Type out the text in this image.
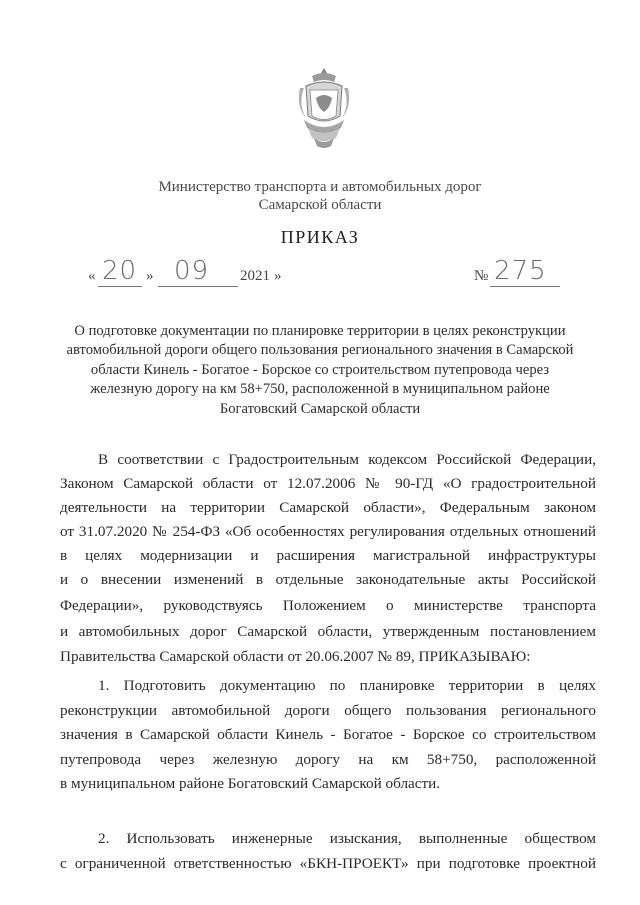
Министерство транспорта и автомобильных дорог
Самарской области
ПРИКАЗ
« 20 » 09 2021 »	№ 275
О подготовке документации по планировке территории в целях реконструкции
автомобильной дороги общего пользования регионального значения в Самарской
области Кинель - Богатое - Борское со строительством путепровода через
железную дорогу на км 58+750, расположенной в муниципальном районе
Богатовский Самарской области
В соответствии с Градостроительным кодексом Российской Федерации,
Законом Самарской области от 12.07.2006 № 90-ГД «О градостроительной
деятельности на территории Самарской области», Федеральным законом
от 31.07.2020 № 254-ФЗ «Об особенностях регулирования отдельных отношений
в целях модернизации и расширения магистральной инфраструктуры
и о внесении изменений в отдельные законодательные акты Российской
Федерации», руководствуясь Положением о министерстве транспорта
и автомобильных дорог Самарской области, утвержденным постановлением
Правительства Самарской области от 20.06.2007 № 89, ПРИКАЗЫВАЮ:
1. Подготовить документацию по планировке территории в целях
реконструкции автомобильной дороги общего пользования регионального
значения в Самарской области Кинель - Богатое - Борское со строительством
путепровода через железную дорогу на км 58+750, расположенной
в муниципальном районе Богатовский Самарской области.
2. Использовать инженерные изыскания, выполненные обществом
с ограниченной ответственностью «БКН-ПРОЕКТ» при подготовке проектной
